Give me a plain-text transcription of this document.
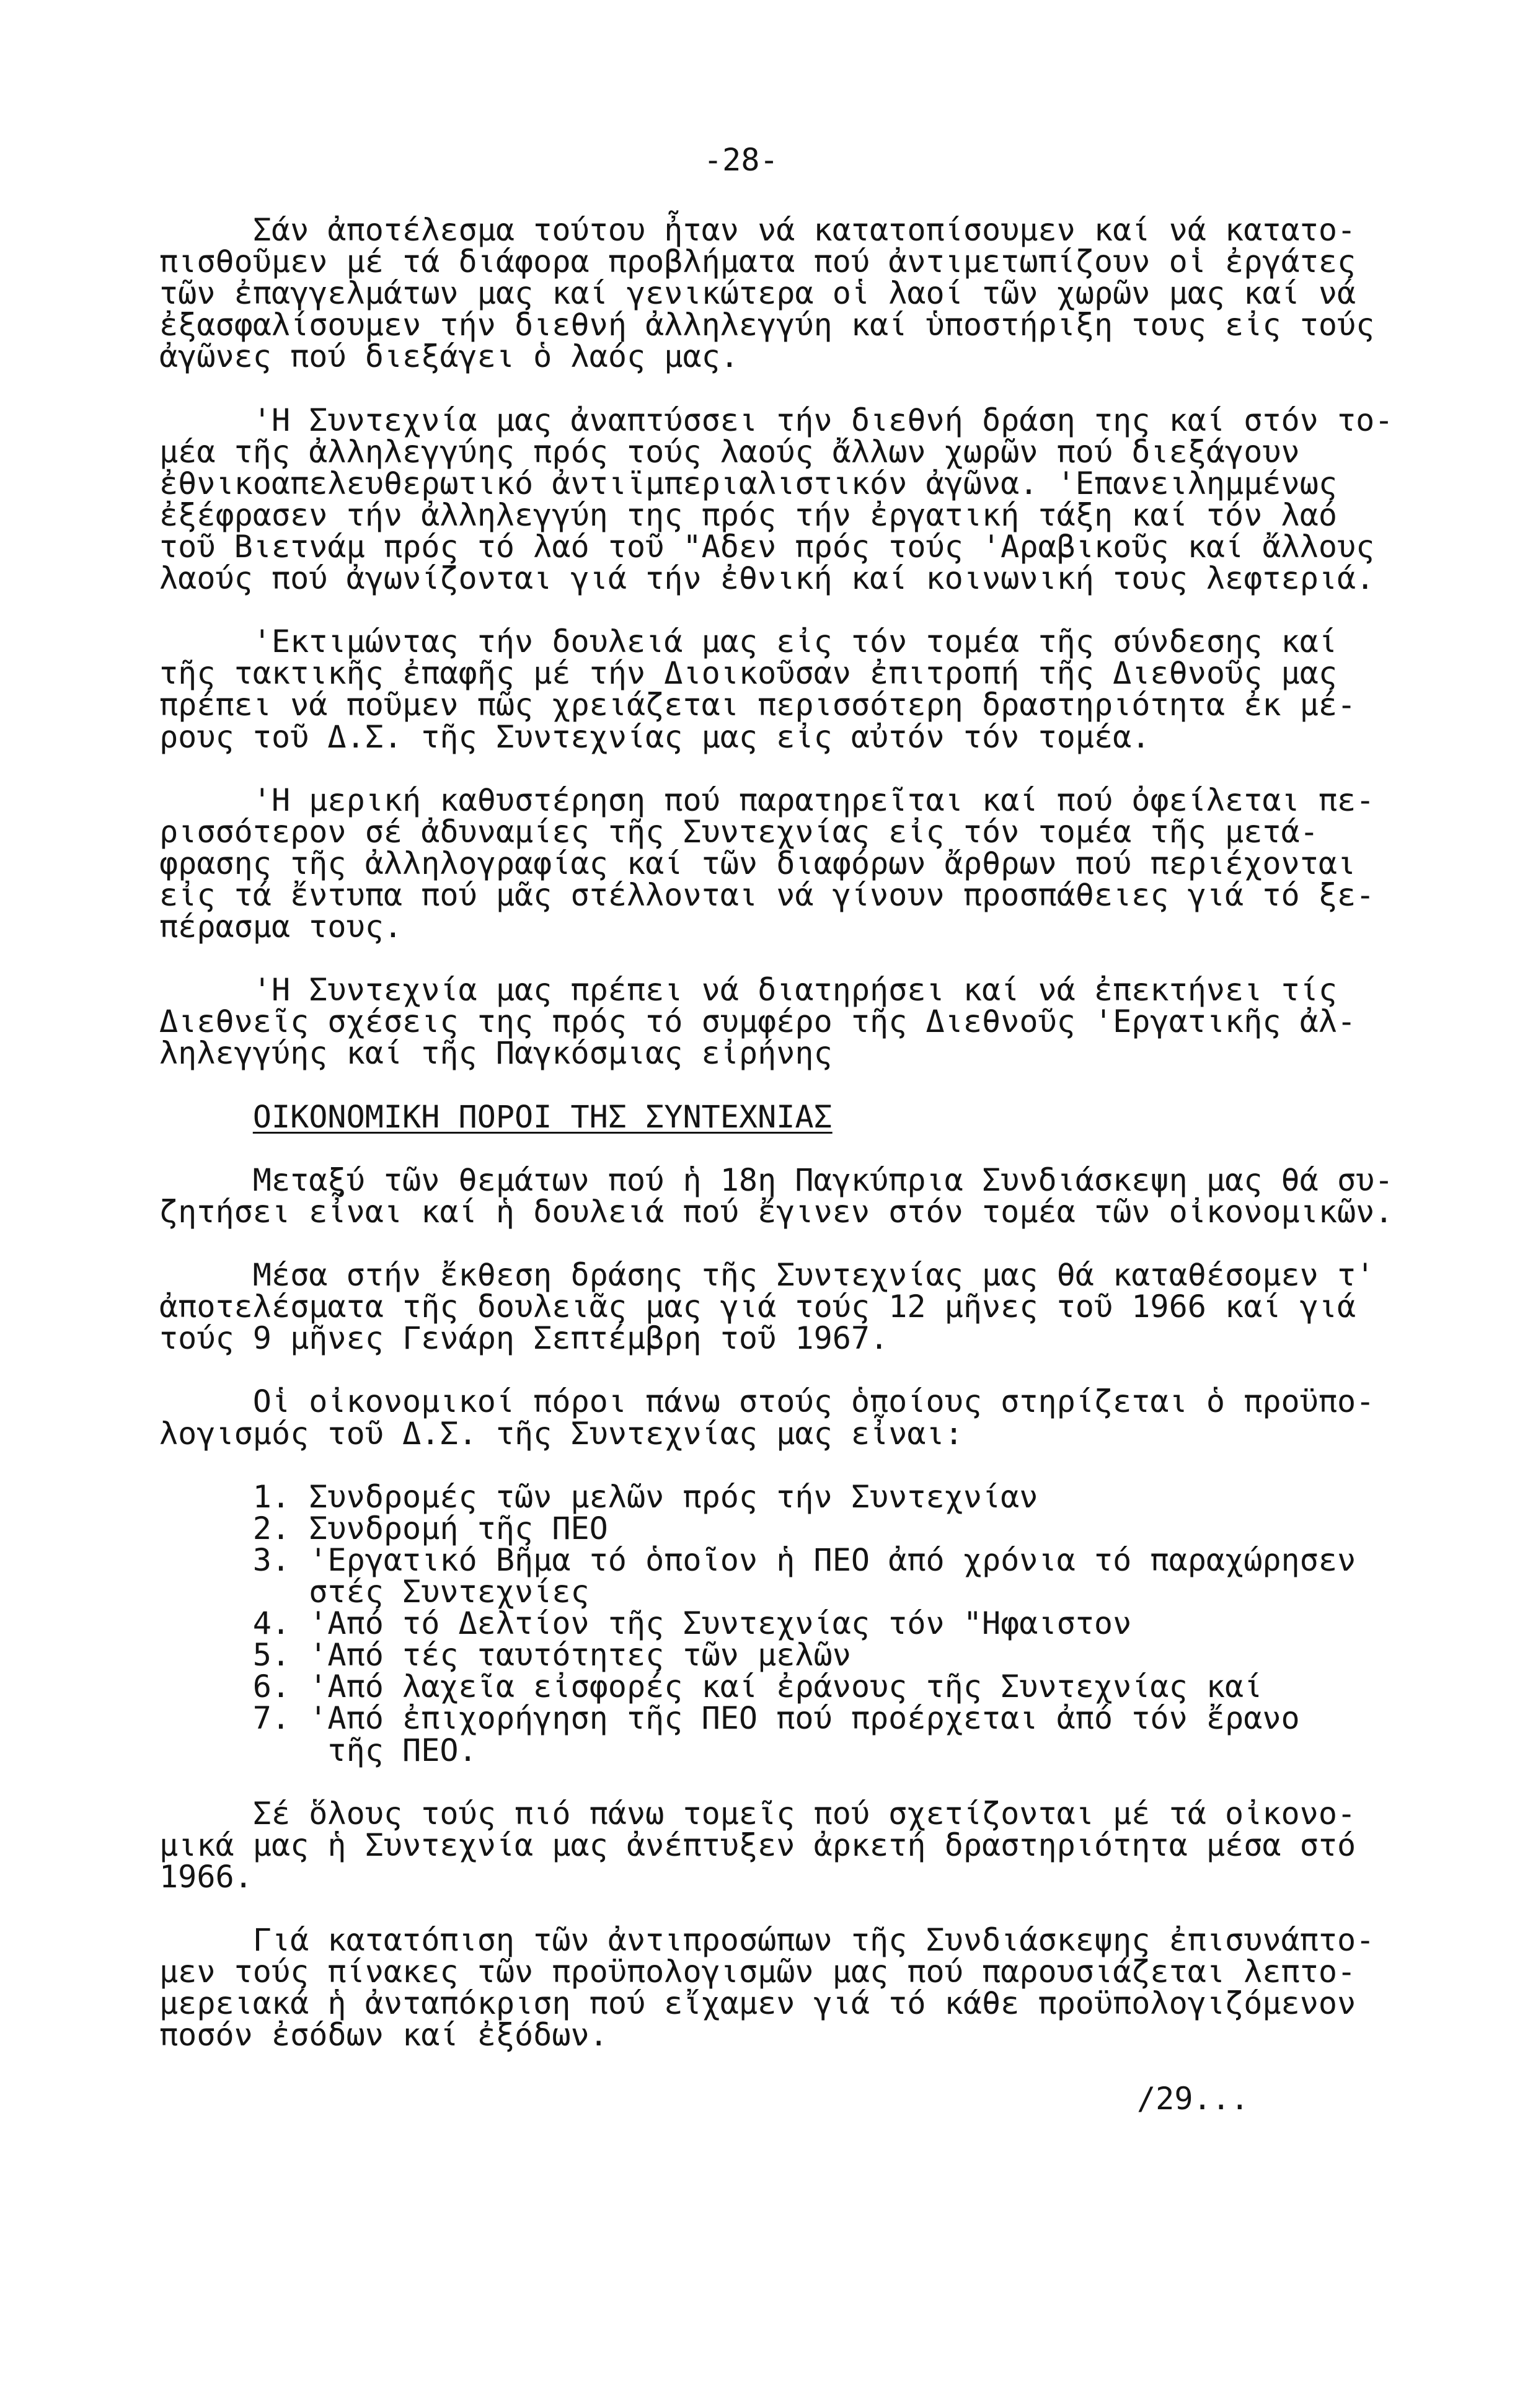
-28-
Σάν ἀποτέλεσμα τούτου ἦταν νά κατατοπίσουμεν καί νά κατατο-
πισθοῦμεν μέ τά διάφορα προβλήματα πού ἀντιμετωπίζουν οἱ ἐργάτες
τῶν ἐπαγγελμάτων μας καί γενικώτερα οἱ λαοί τῶν χωρῶν μας καί νά
ἐξασφαλίσουμεν τήν διεθνή ἀλληλεγγύη καί ὑποστήριξη τους εἰς τούς
ἀγῶνες πού διεξάγει ὁ λαός μας.
'Η Συντεχνία μας ἀναπτύσσει τήν διεθνή δράση της καί στόν το-
μέα τῆς ἀλληλεγγύης πρός τούς λαούς ἄλλων χωρῶν πού διεξάγουν
ἐθνικοαπελευθερωτικό ἀντιϊμπεριαλιστικόν ἀγῶνα. 'Επανειλημμένως
ἐξέφρασεν τήν ἀλληλεγγύη της πρός τήν ἐργατική τάξη καί τόν λαό
τοῦ Βιετνάμ πρός τό λαό τοῦ "Αδεν πρός τούς 'Αραβικοῦς καί ἄλλους
λαούς πού ἀγωνίζονται γιά τήν ἐθνική καί κοινωνική τους λεφτεριά.
'Εκτιμώντας τήν δουλειά μας εἰς τόν τομέα τῆς σύνδεσης καί
τῆς τακτικῆς ἐπαφῆς μέ τήν Διοικοῦσαν ἐπιτροπή τῆς Διεθνοῦς μας
πρέπει νά ποῦμεν πῶς χρειάζεται περισσότερη δραστηριότητα ἐκ μέ-
ρους τοῦ Δ.Σ. τῆς Συντεχνίας μας εἰς αὐτόν τόν τομέα.
'Η μερική καθυστέρηση πού παρατηρεῖται καί πού ὀφείλεται πε-
ρισσότερον σέ ἀδυναμίες τῆς Συντεχνίας εἰς τόν τομέα τῆς μετά-
φρασης τῆς ἀλληλογραφίας καί τῶν διαφόρων ἄρθρων πού περιέχονται
εἰς τά ἔντυπα πού μᾶς στέλλονται νά γίνουν προσπάθειες γιά τό ξε-
πέρασμα τους.
'Η Συντεχνία μας πρέπει νά διατηρήσει καί νά ἐπεκτήνει τίς
Διεθνεῖς σχέσεις της πρός τό συμφέρο τῆς Διεθνοῦς 'Εργατικῆς ἀλ-
ληλεγγύης καί τῆς Παγκόσμιας εἰρήνης
ΟΙΚΟΝΟΜΙΚΗ ΠΟΡΟΙ ΤΗΣ ΣΥΝΤΕΧΝΙΑΣ
Μεταξύ τῶν θεμάτων πού ἡ 18η Παγκύπρια Συνδιάσκεψη μας θά συ-
ζητήσει εἶναι καί ἡ δουλειά πού ἔγινεν στόν τομέα τῶν οἰκονομικῶν.
Μέσα στήν ἔκθεση δράσης τῆς Συντεχνίας μας θά καταθέσομεν τ'
ἀποτελέσματα τῆς δουλειᾶς μας γιά τούς 12 μῆνες τοῦ 1966 καί γιά
τούς 9 μῆνες Γενάρη Σεπτέμβρη τοῦ 1967.
Οἱ οἰκονομικοί πόροι πάνω στούς ὁποίους στηρίζεται ὁ προϋπο-
λογισμός τοῦ Δ.Σ. τῆς Συντεχνίας μας εἶναι:
1. Συνδρομές τῶν μελῶν πρός τήν Συντεχνίαν
2. Συνδρομή τῆς ΠΕΟ
3. 'Εργατικό Βῆμα τό ὁποῖον ἡ ΠΕΟ ἀπό χρόνια τό παραχώρησεν
στές Συντεχνίες
4. 'Από τό Δελτίον τῆς Συντεχνίας τόν "Ηφαιστον
5. 'Από τές ταυτότητες τῶν μελῶν
6. 'Από λαχεῖα εἰσφορές καί ἐράνους τῆς Συντεχνίας καί
7. 'Από ἐπιχορήγηση τῆς ΠΕΟ πού προέρχεται ἀπό τόν ἔρανο
τῆς ΠΕΟ.
Σέ ὅλους τούς πιό πάνω τομεῖς πού σχετίζονται μέ τά οἰκονο-
μικά μας ἡ Συντεχνία μας ἀνέπτυξεν ἀρκετή δραστηριότητα μέσα στό
1966.
Γιά κατατόπιση τῶν ἀντιπροσώπων τῆς Συνδιάσκεψης ἐπισυνάπτο-
μεν τούς πίνακες τῶν προϋπολογισμῶν μας πού παρουσιάζεται λεπτο-
μερειακά ἡ ἀνταπόκριση πού εἴχαμεν γιά τό κάθε προϋπολογιζόμενον
ποσόν ἐσόδων καί ἐξόδων.
/29...
